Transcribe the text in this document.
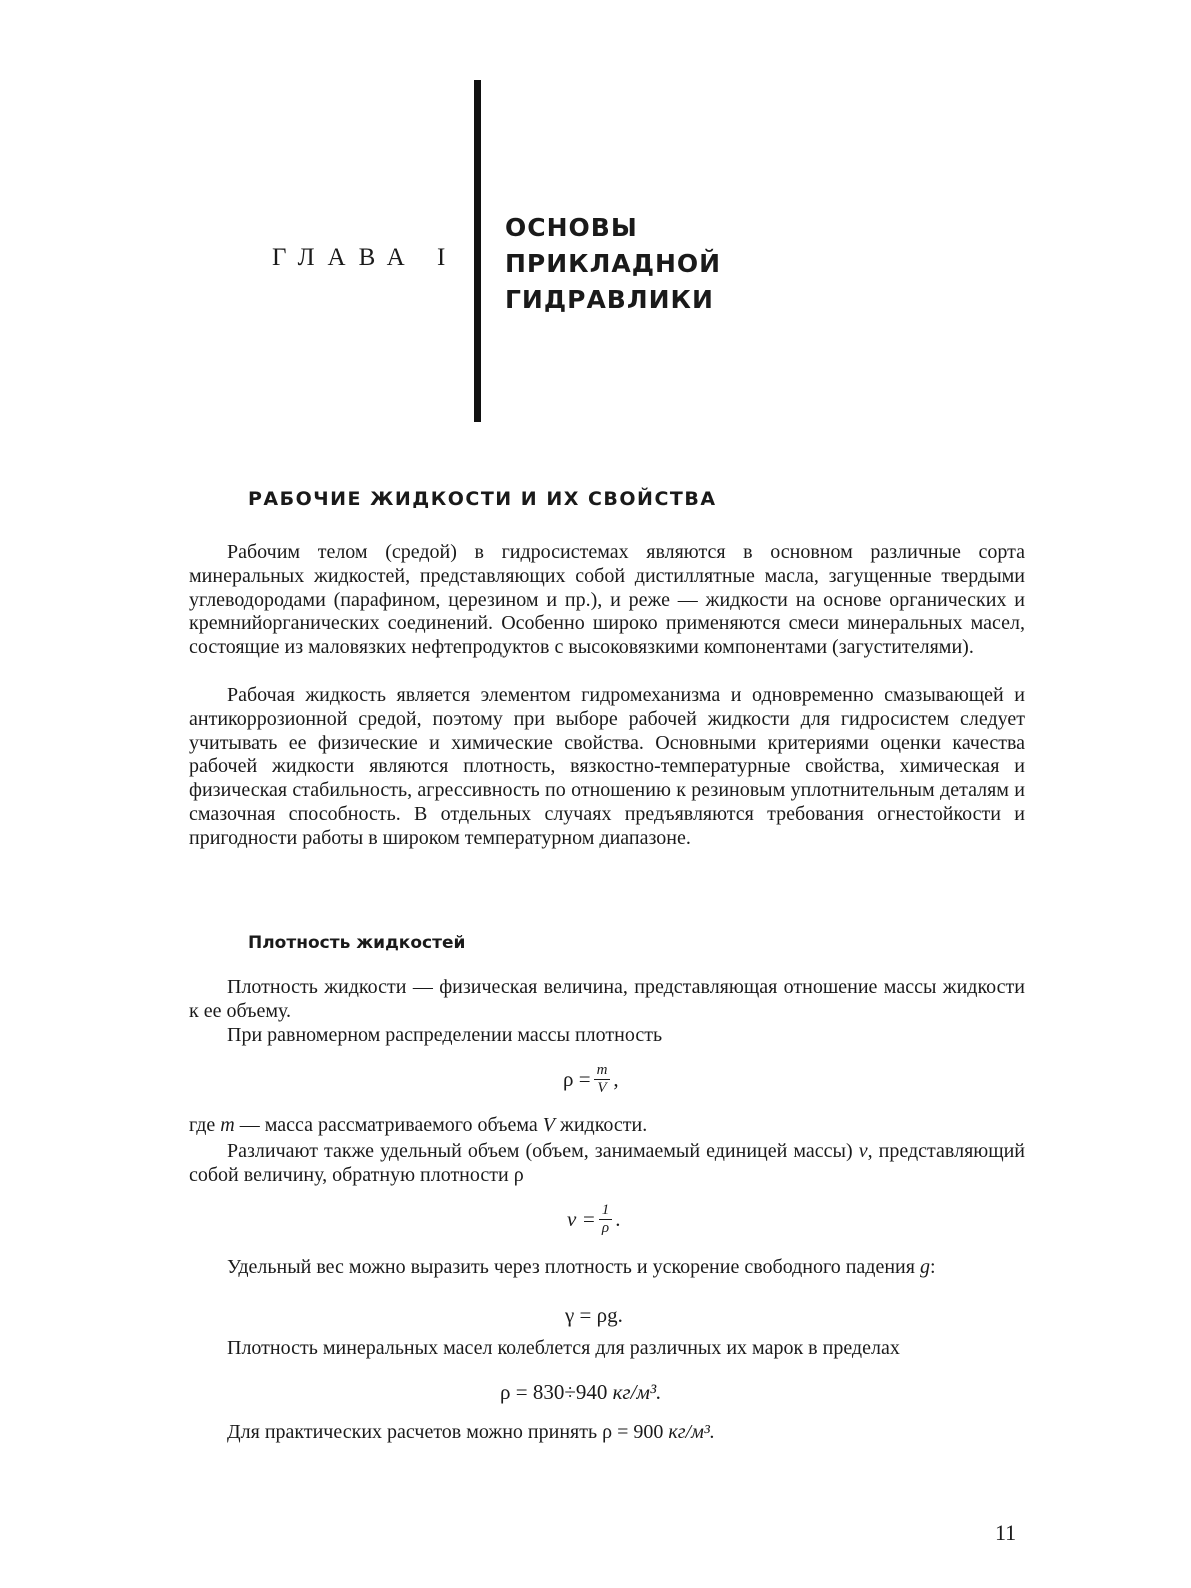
ГЛАВА I
ОСНОВЫ
ПРИКЛАДНОЙ
ГИДРАВЛИКИ
РАБОЧИЕ ЖИДКОСТИ И ИХ СВОЙСТВА

Рабочим телом (средой) в гидросистемах являются в основном различные сорта минеральных жидкостей, представляющих собой дистиллятные масла, загущенные твердыми углеводородами (парафином, церезином и пр.), и реже — жидкости на основе органических и кремнийорганических соединений. Особенно широко применяются смеси минеральных масел, состоящие из маловязких нефтепродуктов с высоковязкими компонентами (загустителями).

Рабочая жидкость является элементом гидромеханизма и одновременно смазывающей и антикоррозионной средой, поэтому при выборе рабочей жидкости для гидросистем следует учитывать ее физические и химические свойства. Основными критериями оценки качества рабочей жидкости являются плотность, вязкостно-температурные свойства, химическая и физическая стабильность, агрессивность по отношению к резиновым уплотнительным деталям и смазочная способность. В отдельных случаях предъявляются требования огнестойкости и пригодности работы в широком температурном диапазоне.

Плотность жидкостей

Плотность жидкости — физическая величина, представляющая отношение массы жидкости к ее объему.

При равномерном распределении массы плотность
$\rho = \frac{m}{V}$ ,
где m — масса рассматриваемого объема V жидкости.

Различают также удельный объем (объем, занимаемый единицей массы) v, представляющий собой величину, обратную плотности ρ

$v = \frac{1}{\rho}$ .

Удельный вес можно выразить через плотность и ускорение свободного падения g:

γ = ρg.

Плотность минеральных масел колеблется для различных их марок в пределах

ρ = 830÷940
кг/м³.
Для практических расчетов можно принять ρ = 900 кг/м³.
11
